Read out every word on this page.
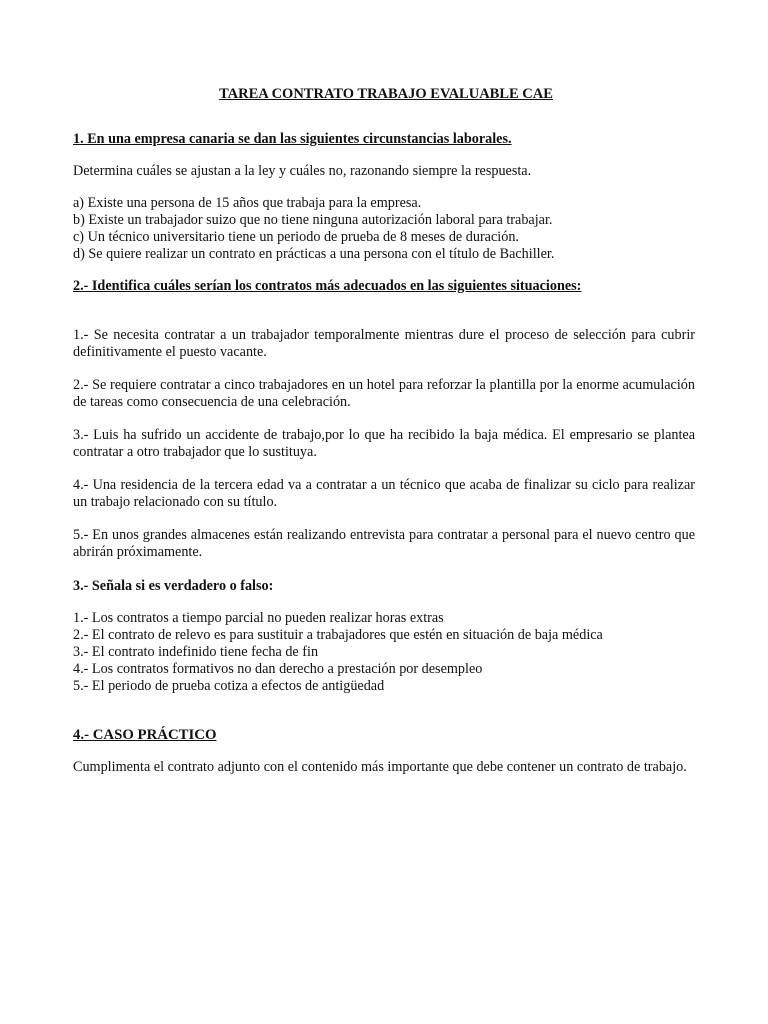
TAREA CONTRATO TRABAJO EVALUABLE CAE
1. En una empresa canaria se dan las siguientes circunstancias laborales.
Determina cuáles se ajustan a la ley y cuáles no, razonando siempre la respuesta.
a) Existe una persona de 15 años que trabaja para la empresa.
b) Existe un trabajador suizo que no tiene ninguna autorización laboral para trabajar.
c) Un técnico universitario tiene un periodo de prueba de 8 meses de duración.
d) Se quiere realizar un contrato en prácticas a una persona con el título de Bachiller.
2.- Identifica cuáles serían los contratos más adecuados en las siguientes situaciones:
1.- Se necesita contratar a un trabajador temporalmente mientras dure el proceso de selección para cubrir definitivamente el puesto vacante.
2.- Se requiere contratar a cinco trabajadores en un hotel para reforzar la plantilla por la enorme acumulación de tareas como consecuencia de una celebración.
3.- Luis ha sufrido un accidente de trabajo,por lo que ha recibido la baja médica. El empresario se plantea contratar a otro trabajador que lo sustituya.
4.- Una residencia de la tercera edad va a contratar a un técnico que acaba de finalizar su ciclo para realizar un trabajo relacionado con su título.
5.- En unos grandes almacenes están realizando entrevista para contratar a personal para el nuevo centro que abrirán próximamente.
3.- Señala si es verdadero o falso:
1.- Los contratos a tiempo parcial no pueden realizar horas extras
2.- El contrato de relevo es para sustituir a trabajadores que estén en situación de baja médica
3.- El contrato indefinido tiene fecha de fin
4.- Los contratos formativos no dan derecho a prestación por desempleo
5.- El periodo de prueba cotiza a efectos de antigüedad
4.- CASO PRÁCTICO
Cumplimenta el contrato adjunto con el contenido más importante que debe contener un contrato de trabajo.
